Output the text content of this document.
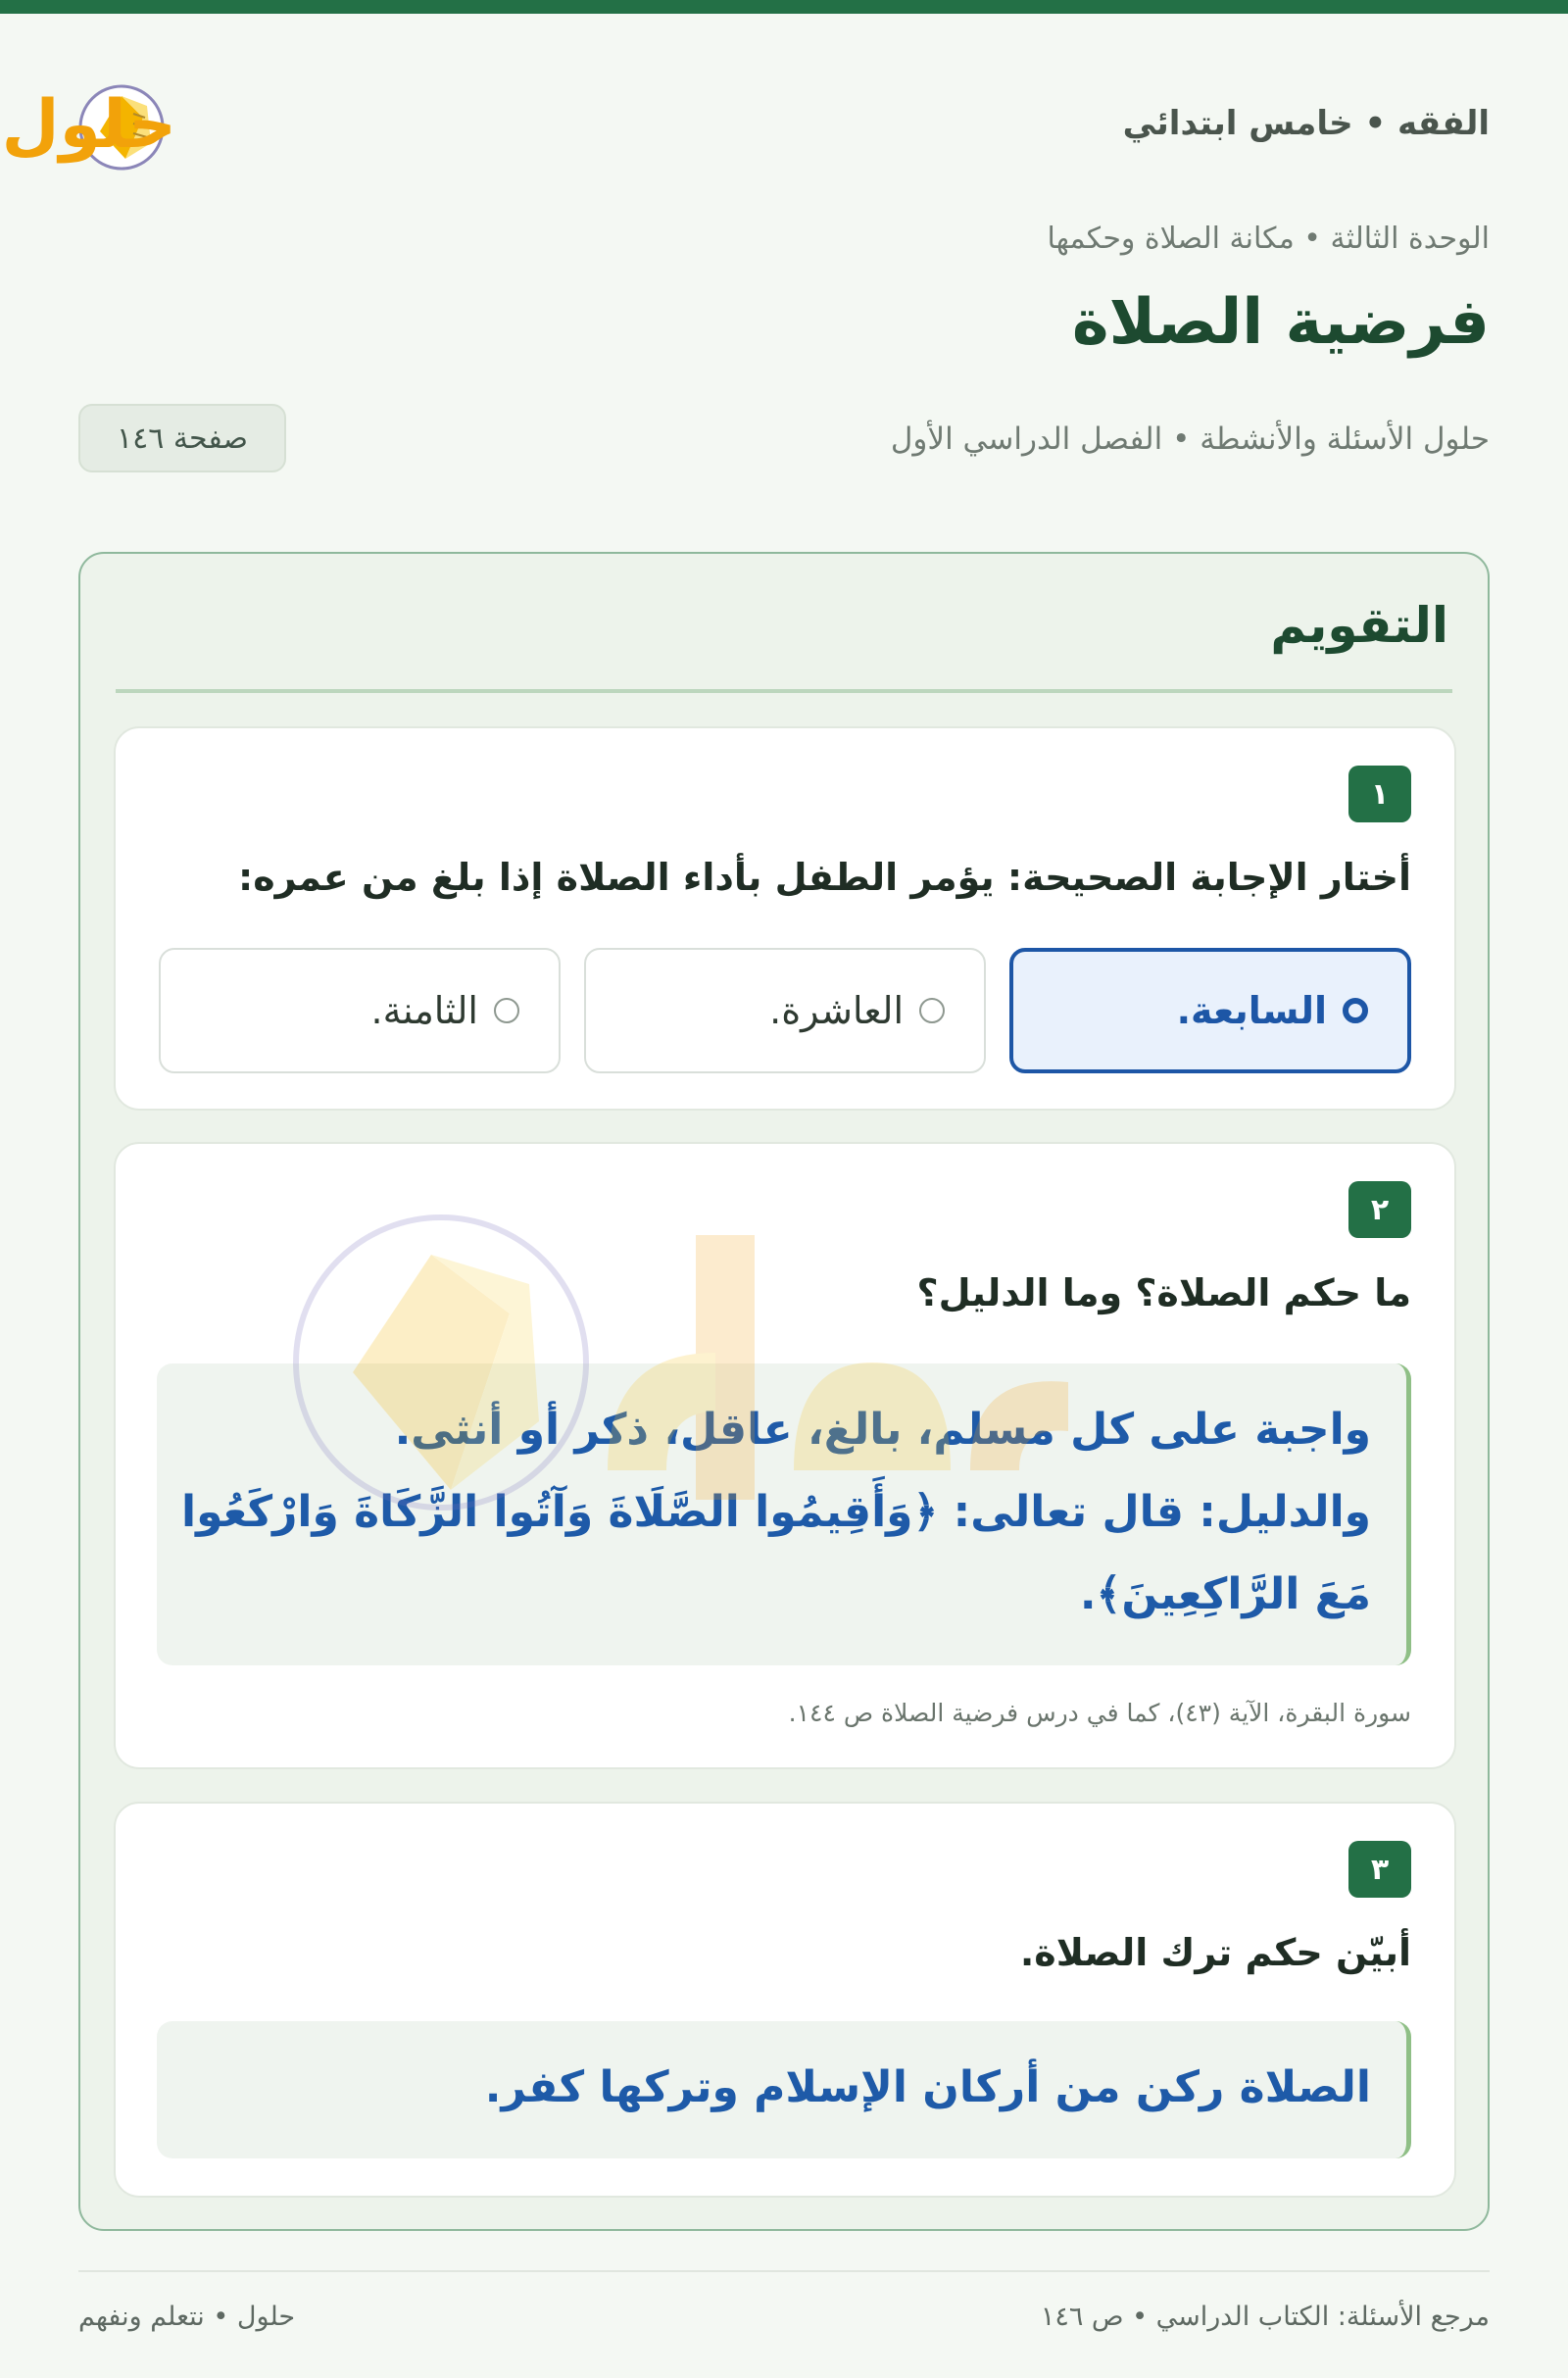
حلول	الفقه • خامس ابتدائي
الوحدة الثالثة • مكانة الصلاة وحكمها
فرضية الصلاة
حلول الأسئلة والأنشطة • الفصل الدراسي الأول
صفحة ١٤٦
التقويم
١
أختار الإجابة الصحيحة: يؤمر الطفل بأداء الصلاة إذا بلغ من عمره:
السابعة.
العاشرة.
الثامنة.
٢
ما حكم الصلاة؟ وما الدليل؟
واجبة على كل مسلم، بالغ، عاقل، ذكر أو أنثى.
والدليل: قال تعالى: ﴿وَأَقِيمُوا الصَّلَاةَ وَآتُوا الزَّكَاةَ وَارْكَعُوا
مَعَ الرَّاكِعِينَ﴾.
سورة البقرة، الآية (٤٣)، كما في درس فرضية الصلاة ص ١٤٤.
٣
أبيّن حكم ترك الصلاة.
الصلاة ركن من أركان الإسلام وتركها كفر.
مرجع الأسئلة: الكتاب الدراسي • ص ١٤٦
حلول • نتعلم ونفهم
